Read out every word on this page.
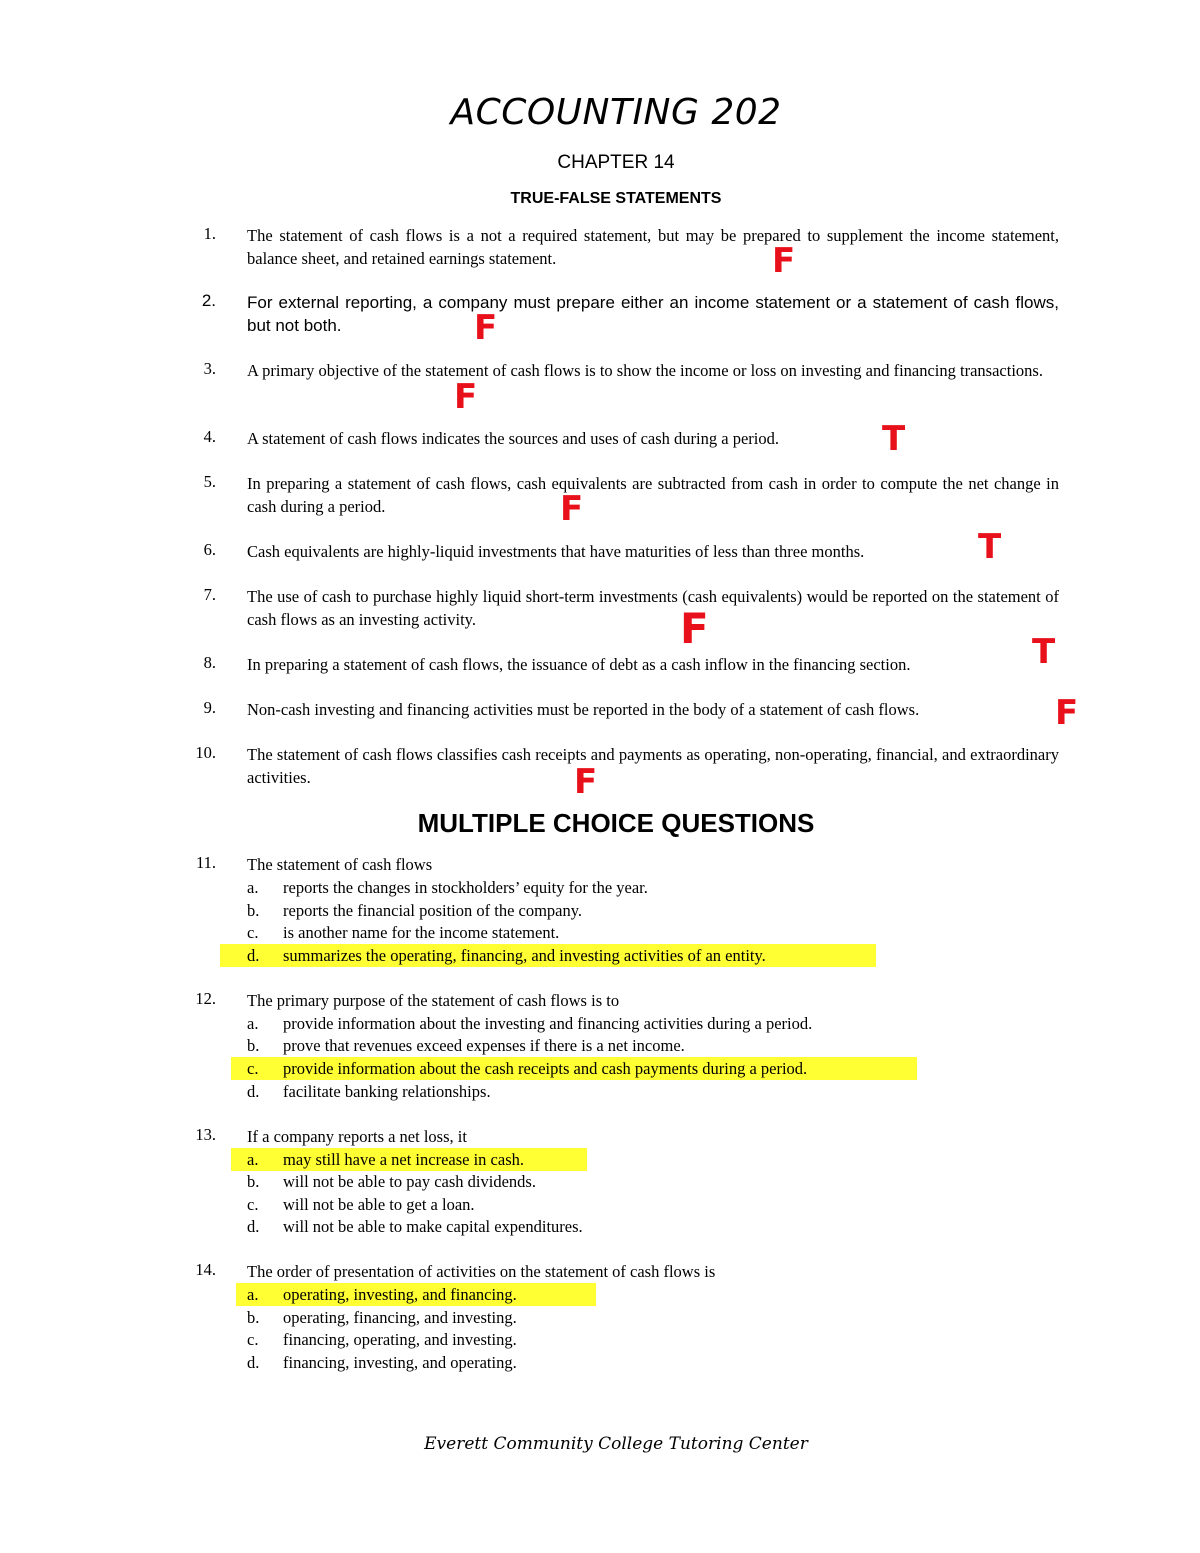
ACCOUNTING 202
CHAPTER 14
TRUE-FALSE STATEMENTS
1. The statement of cash flows is a not a required statement, but may be prepared to supplement the income statement, balance sheet, and retained earnings statement.	F
2. For external reporting, a company must prepare either an income statement or a statement of cash flows, but not both.	F
3. A primary objective of the statement of cash flows is to show the income or loss on investing and financing transactions.
F
4. A statement of cash flows indicates the sources and uses of cash during a period.	T
5. In preparing a statement of cash flows, cash equivalents are subtracted from cash in order to compute the net change in cash during a period.	F
6. Cash equivalents are highly-liquid investments that have maturities of less than three months.	T
7. The use of cash to purchase highly liquid short-term investments (cash equivalents) would be reported on the statement of cash flows as an investing activity.	F
8. In preparing a statement of cash flows, the issuance of debt as a cash inflow in the financing section.	T
9. Non-cash investing and financing activities must be reported in the body of a statement of cash flows.	F
10. The statement of cash flows classifies cash receipts and payments as operating, non-operating, financial, and extraordinary activities.	F
MULTIPLE CHOICE QUESTIONS
11. The statement of cash flows
a. reports the changes in stockholders’ equity for the year.
b. reports the financial position of the company.
c. is another name for the income statement.
d. summarizes the operating, financing, and investing activities of an entity.
12. The primary purpose of the statement of cash flows is to
a. provide information about the investing and financing activities during a period.
b. prove that revenues exceed expenses if there is a net income.
c. provide information about the cash receipts and cash payments during a period.
d. facilitate banking relationships.
13. If a company reports a net loss, it
a. may still have a net increase in cash.
b. will not be able to pay cash dividends.
c. will not be able to get a loan.
d. will not be able to make capital expenditures.
14. The order of presentation of activities on the statement of cash flows is
a. operating, investing, and financing.
b. operating, financing, and investing.
c. financing, operating, and investing.
d. financing, investing, and operating.
Everett Community College Tutoring Center
